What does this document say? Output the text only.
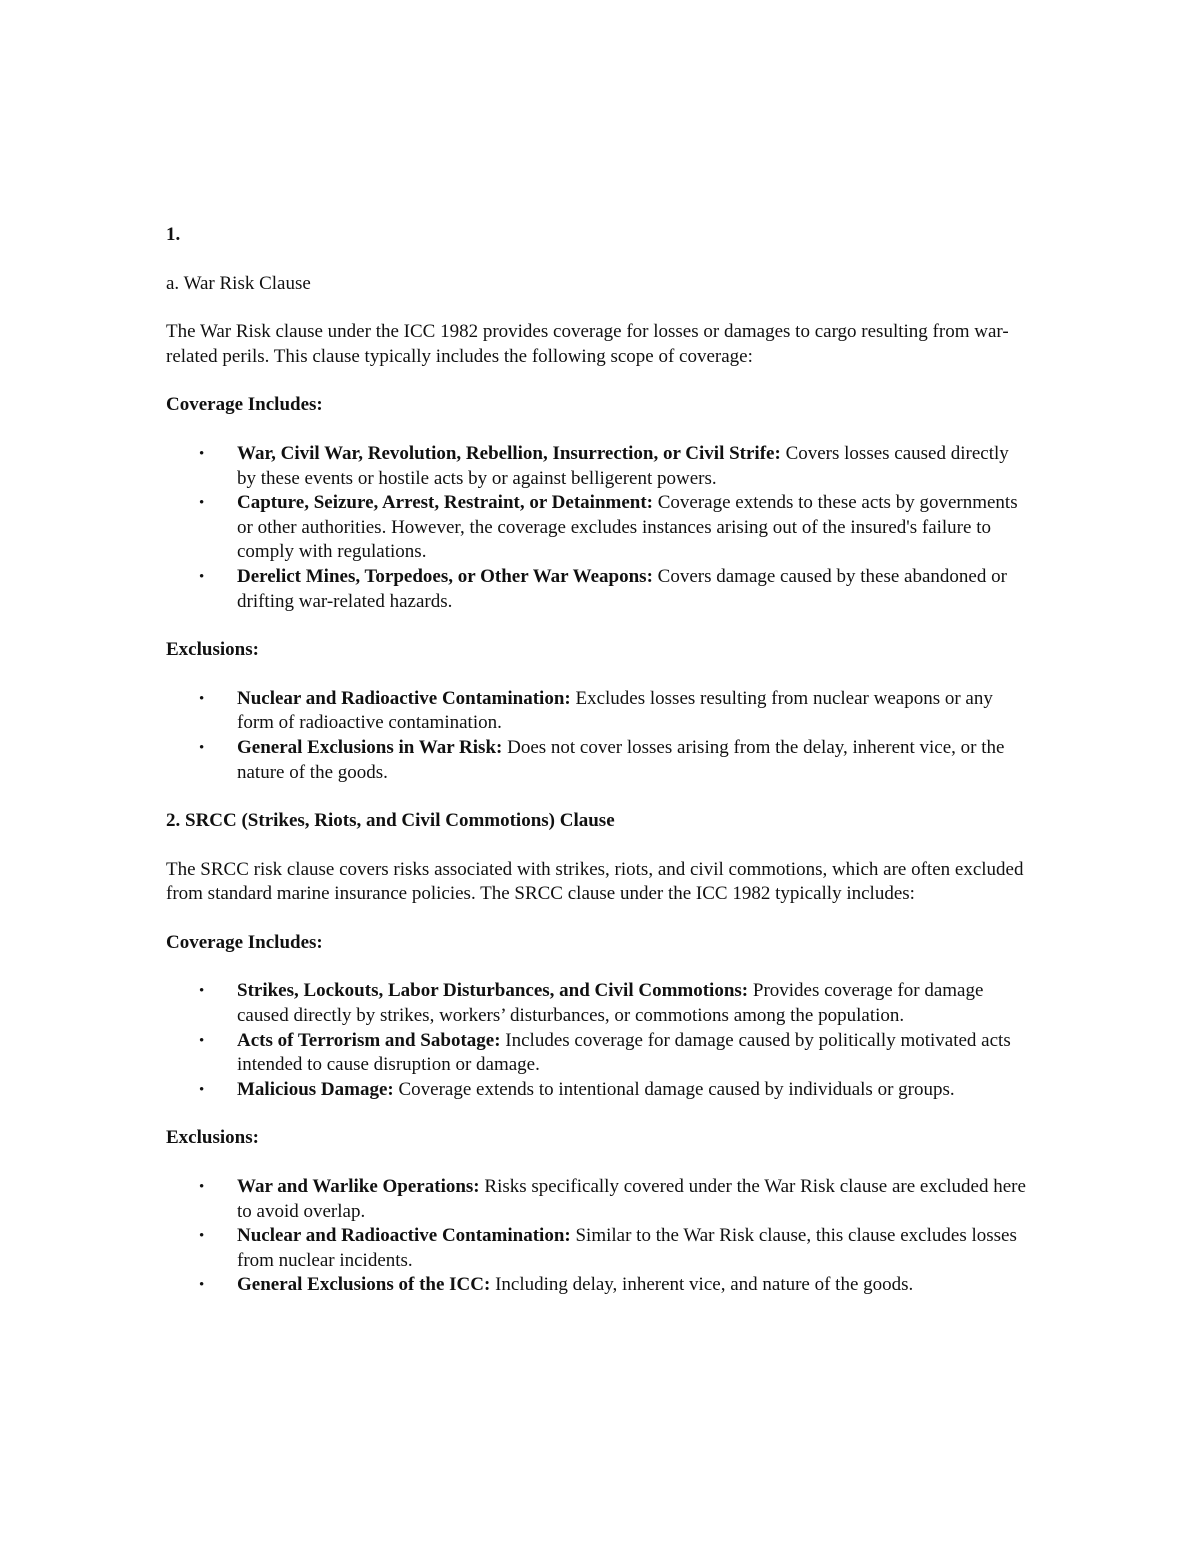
1.

a. War Risk Clause

The War Risk clause under the ICC 1982 provides coverage for losses or damages to cargo resulting from war-related perils. This clause typically includes the following scope of coverage:

Coverage Includes:
• War, Civil War, Revolution, Rebellion, Insurrection, or Civil Strife: Covers losses caused directly by these events or hostile acts by or against belligerent powers.
• Capture, Seizure, Arrest, Restraint, or Detainment: Coverage extends to these acts by governments or other authorities. However, the coverage excludes instances arising out of the insured's failure to comply with regulations.
• Derelict Mines, Torpedoes, or Other War Weapons: Covers damage caused by these abandoned or drifting war-related hazards.
Exclusions:
• Nuclear and Radioactive Contamination: Excludes losses resulting from nuclear weapons or any form of radioactive contamination.
• General Exclusions in War Risk: Does not cover losses arising from the delay, inherent vice, or the nature of the goods.
2. SRCC (Strikes, Riots, and Civil Commotions) Clause

The SRCC risk clause covers risks associated with strikes, riots, and civil commotions, which are often excluded from standard marine insurance policies. The SRCC clause under the ICC 1982 typically includes:

Coverage Includes:
• Strikes, Lockouts, Labor Disturbances, and Civil Commotions: Provides coverage for damage caused directly by strikes, workers’ disturbances, or commotions among the population.
• Acts of Terrorism and Sabotage: Includes coverage for damage caused by politically motivated acts intended to cause disruption or damage.
• Malicious Damage: Coverage extends to intentional damage caused by individuals or groups.
Exclusions:
• War and Warlike Operations: Risks specifically covered under the War Risk clause are excluded here to avoid overlap.
• Nuclear and Radioactive Contamination: Similar to the War Risk clause, this clause excludes losses from nuclear incidents.
• General Exclusions of the ICC: Including delay, inherent vice, and nature of the goods.
